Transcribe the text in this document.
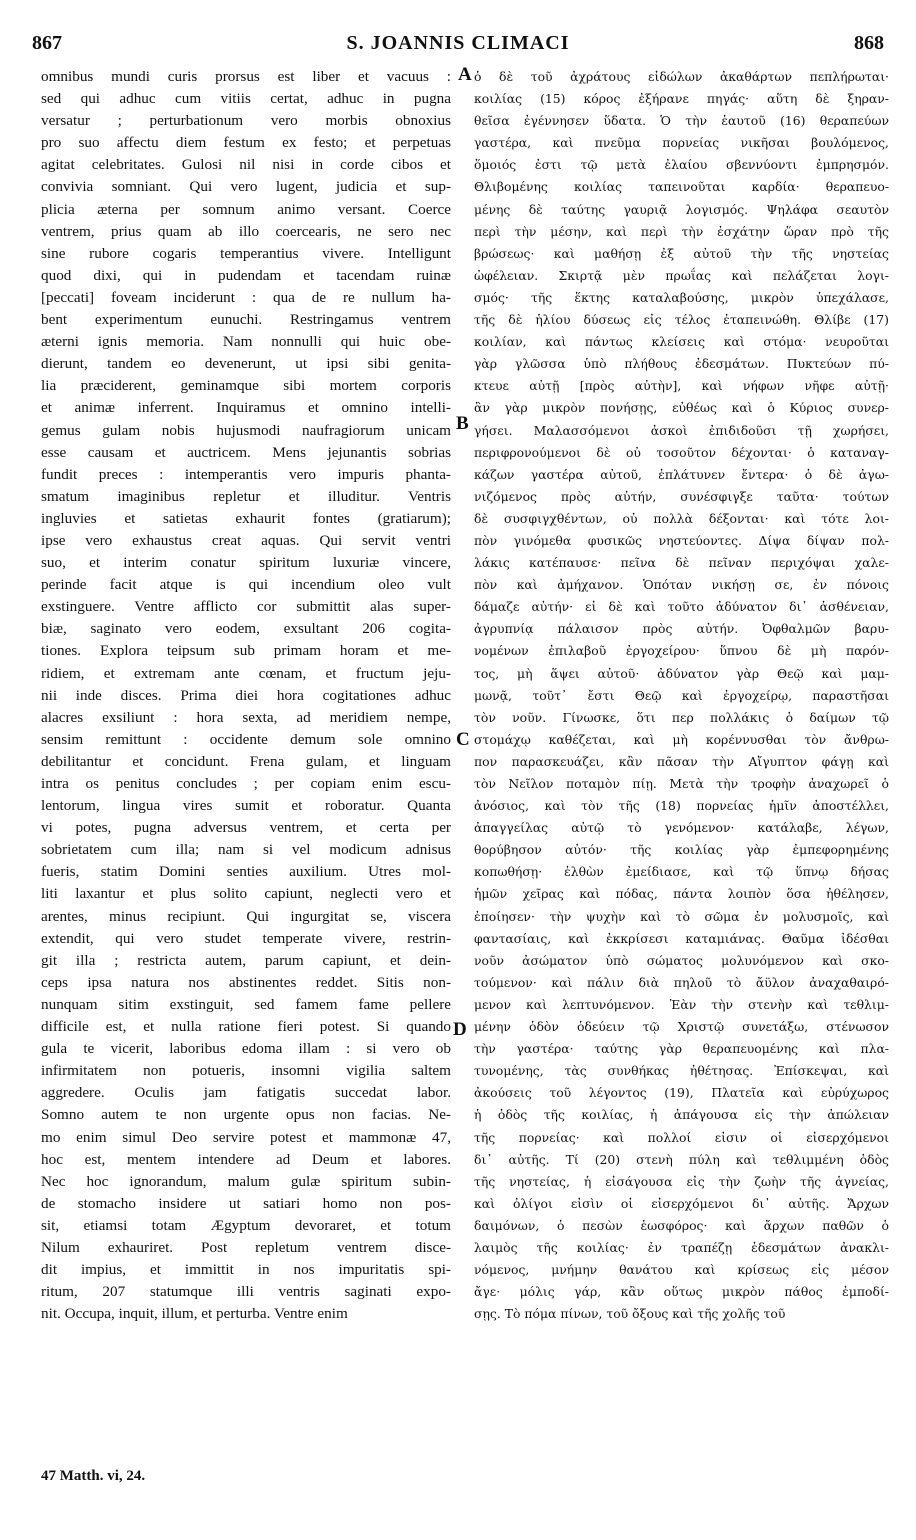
867	S. JOANNIS CLIMACI	868
omnibus mundi curis prorsus est liber et vacuus :
sed qui adhuc cum vitiis certat, adhuc in pugna
versatur ; perturbationum vero morbis obnoxius
pro suo affectu diem festum ex festo; et perpetuas
agitat celebritates. Gulosi nil nisi in corde cibos et
convivia somniant. Qui vero lugent, judicia et sup-
plicia æterna per somnum animo versant. Coerce
ventrem, prius quam ab illo coercearis, ne sero nec
sine rubore cogaris temperantius vivere. Intelligunt
quod dixi, qui in pudendam et tacendam ruinæ
[peccati] foveam inciderunt : qua de re nullum ha-
bent experimentum eunuchi. Restringamus ventrem
æterni ignis memoria. Nam nonnulli qui huic obe-
dierunt, tandem eo devenerunt, ut ipsi sibi genita-
lia præciderent, geminamque sibi mortem corporis
et animæ inferrent. Inquiramus et omnino intelli-
gemus gulam nobis hujusmodi naufragiorum unicam
esse causam et auctricem. Mens jejunantis sobrias
fundit preces : intemperantis vero impuris phanta-
smatum imaginibus repletur et illuditur. Ventris
ingluvies et satietas exhaurit fontes (gratiarum);
ipse vero exhaustus creat aquas. Qui servit ventri
suo, et interim conatur spiritum luxuriæ vincere,
perinde facit atque is qui incendium oleo vult
exstinguere. Ventre afflicto cor submittit alas super-
biæ, saginato vero eodem, exsultant 206 cogita-
tiones. Explora teipsum sub primam horam et me-
ridiem, et extremam ante cœnam, et fructum jeju-
nii inde disces. Prima diei hora cogitationes adhuc
alacres exsiliunt : hora sexta, ad meridiem nempe,
sensim remittunt : occidente demum sole omnino
debilitantur et concidunt. Frena gulam, et linguam
intra os penitus concludes ; per copiam enim escu-
lentorum, lingua vires sumit et roboratur. Quanta
vi potes, pugna adversus ventrem, et certa per
sobrietatem cum illa; nam si vel modicum adnisus
fueris, statim Domini senties auxilium. Utres mol-
liti laxantur et plus solito capiunt, neglecti vero et
arentes, minus recipiunt. Qui ingurgitat se, viscera
extendit, qui vero studet temperate vivere, restrin-
git illa ; restricta autem, parum capiunt, et dein-
ceps ipsa natura nos abstinentes reddet. Sitis non-
nunquam sitim exstinguit, sed famem fame pellere
difficile est, et nulla ratione fieri potest. Si quando
gula te vicerit, laboribus edoma illam : si vero ob
infirmitatem non potueris, insomni vigilia saltem
aggredere. Oculis jam fatigatis succedat labor.
Somno autem te non urgente opus non facias. Ne-
mo enim simul Deo servire potest et mammonæ 47,
hoc est, mentem intendere ad Deum et labores.
Nec hoc ignorandum, malum gulæ spiritum subin-
de stomacho insidere ut satiari homo non pos-
sit, etiamsi totam Ægyptum devoraret, et totum
Nilum exhauriret. Post repletum ventrem disce-
dit impius, et immittit in nos impuritatis spi-
ritum, 207 statumque illi ventris saginati expo-
nit. Occupa, inquit, illum, et perturba. Ventre enim
ὁ δὲ τοῦ ἀχράτους εἰδώλων ἀκαθάρτων πεπλήρωται·
κοιλίας (15) κόρος ἐξήρανε πηγάς· αὕτη δὲ ξηραν-
θεῖσα ἐγέννησεν ὕδατα. Ὁ τὴν ἑαυτοῦ (16) θεραπεύων
γαστέρα, καὶ πνεῦμα πορνείας νικῆσαι βουλόμενος,
ὅμοιός ἐστι τῷ μετὰ ἐλαίου σβεννύοντι ἐμπρησμόν.
Θλιβομένης κοιλίας ταπεινοῦται καρδία· θεραπευο-
μένης δὲ ταύτης γαυριᾷ λογισμός. Ψηλάφα σεαυτὸν
περὶ τὴν μέσην, καὶ περὶ τὴν ἐσχάτην ὥραν πρὸ τῆς
βρώσεως· καὶ μαθήσῃ ἐξ αὐτοῦ τὴν τῆς νηστείας
ὠφέλειαν. Σκιρτᾷ μὲν πρωΐας καὶ πελάζεται λογι-
σμός· τῆς ἕκτης καταλαβούσης, μικρὸν ὑπεχάλασε,
τῆς δὲ ἡλίου δύσεως εἰς τέλος ἐταπεινώθη. Θλίβε (17)
κοιλίαν, καὶ πάντως κλείσεις καὶ στόμα· νευροῦται
γὰρ γλῶσσα ὑπὸ πλήθους ἐδεσμάτων. Πυκτεύων πύ-
κτευε αὐτῇ [πρὸς αὐτὴν], καὶ νήφων νῆφε αὐτῇ·
ἂν γὰρ μικρὸν πονήσῃς, εὐθέως καὶ ὁ Κύριος συνερ-
γήσει. Μαλασσόμενοι ἀσκοὶ ἐπιδιδοῦσι τῇ χωρήσει,
περιφρονούμενοι δὲ οὐ τοσοῦτον δέχονται· ὁ καταναγ-
κάζων γαστέρα αὐτοῦ, ἐπλάτυνεν ἔντερα· ὁ δὲ ἀγω-
νιζόμενος πρὸς αὐτήν, συνέσφιγξε ταῦτα· τούτων
δὲ συσφιγχθέντων, οὐ πολλὰ δέξονται· καὶ τότε λοι-
πὸν γινόμεθα φυσικῶς νηστεύοντες. Δίψα δίψαν πολ-
λάκις κατέπαυσε· πεῖνα δὲ πεῖναν περιχόψαι χαλε-
πὸν καὶ ἀμήχανον. Ὁπόταν νικήσῃ σε, ἐν πόνοις
δάμαζε αὐτήν· εἰ δὲ καὶ τοῦτο ἀδύνατον δι᾽ ἀσθένειαν,
ἀγρυπνίᾳ πάλαισον πρὸς αὐτήν. Ὀφθαλμῶν βαρυ-
νομένων ἐπιλαβοῦ ἐργοχείρου· ὕπνου δὲ μὴ παρόν-
τος, μὴ ἅψει αὐτοῦ· ἀδύνατον γὰρ Θεῷ καὶ μαμ-
μωνᾷ, τοῦτ᾽ ἔστι Θεῷ καὶ ἐργοχείρῳ, παραστῆσαι
τὸν νοῦν. Γίνωσκε, ὅτι περ πολλάκις ὁ δαίμων τῷ
στομάχῳ καθέζεται, καὶ μὴ κορέννυσθαι τὸν ἄνθρω-
πον παρασκευάζει, κἂν πᾶσαν τὴν Αἴγυπτον φάγῃ καὶ
τὸν Νεῖλον ποταμὸν πίῃ. Μετὰ τὴν τροφὴν ἀναχωρεῖ ὁ
ἀνόσιος, καὶ τὸν τῆς (18) πορνείας ἡμῖν ἀποστέλλει,
ἀπαγγείλας αὐτῷ τὸ γενόμενον· κατάλαβε, λέγων,
θορύβησον αὐτόν· τῆς κοιλίας γὰρ ἐμπεφορημένης
κοπωθήσῃ· ἐλθὼν ἐμείδιασε, καὶ τῷ ὕπνῳ δήσας
ἡμῶν χεῖρας καὶ πόδας, πάντα λοιπὸν ὅσα ἠθέλησεν,
ἐποίησεν· τὴν ψυχὴν καὶ τὸ σῶμα ἐν μολυσμοῖς, καὶ
φαντασίαις, καὶ ἐκκρίσεσι καταμιάνας. Θαῦμα ἰδέσθαι
νοῦν ἀσώματον ὑπὸ σώματος μολυνόμενον καὶ σκο-
τούμενον· καὶ πάλιν διὰ πηλοῦ τὸ ἄϋλον ἀναχαθαιρό-
μενον καὶ λεπτυνόμενον. Ἐὰν τὴν στενὴν καὶ τεθλιμ-
μένην ὁδὸν ὁδεύειν τῷ Χριστῷ συνετάξω, στένωσον
τὴν γαστέρα· ταύτης γὰρ θεραπευομένης καὶ πλα-
τυνομένης, τὰς συνθήκας ἠθέτησας. Ἐπίσκεψαι, καὶ
ἀκούσεις τοῦ λέγοντος (19), Πλατεῖα καὶ εὐρύχωρος
ἡ ὁδὸς τῆς κοιλίας, ἡ ἀπάγουσα εἰς τὴν ἀπώλειαν
τῆς πορνείας· καὶ πολλοί εἰσιν οἱ εἰσερχόμενοι
δι᾽ αὐτῆς. Τί (20) στενὴ πύλη καὶ τεθλιμμένη ὁδὸς
τῆς νηστείας, ἡ εἰσάγουσα εἰς τὴν ζωὴν τῆς ἁγνείας,
καὶ ὀλίγοι εἰσὶν οἱ εἰσερχόμενοι δι᾽ αὐτῆς. Ἄρχων
δαιμόνων, ὁ πεσὼν ἑωσφόρος· καὶ ἄρχων παθῶν ὁ
λαιμὸς τῆς κοιλίας· ἐν τραπέζῃ ἐδεσμάτων ἀνακλι-
νόμενος, μνήμην θανάτου καὶ κρίσεως εἰς μέσον
ἄγε· μόλις γάρ, κἂν οὕτως μικρὸν πάθος ἐμποδί-
σῃς. Τὸ πόμα πίνων, τοῦ ὄξους καὶ τῆς χολῆς τοῦ
A
B
C
D
47 Matth. vi, 24.
